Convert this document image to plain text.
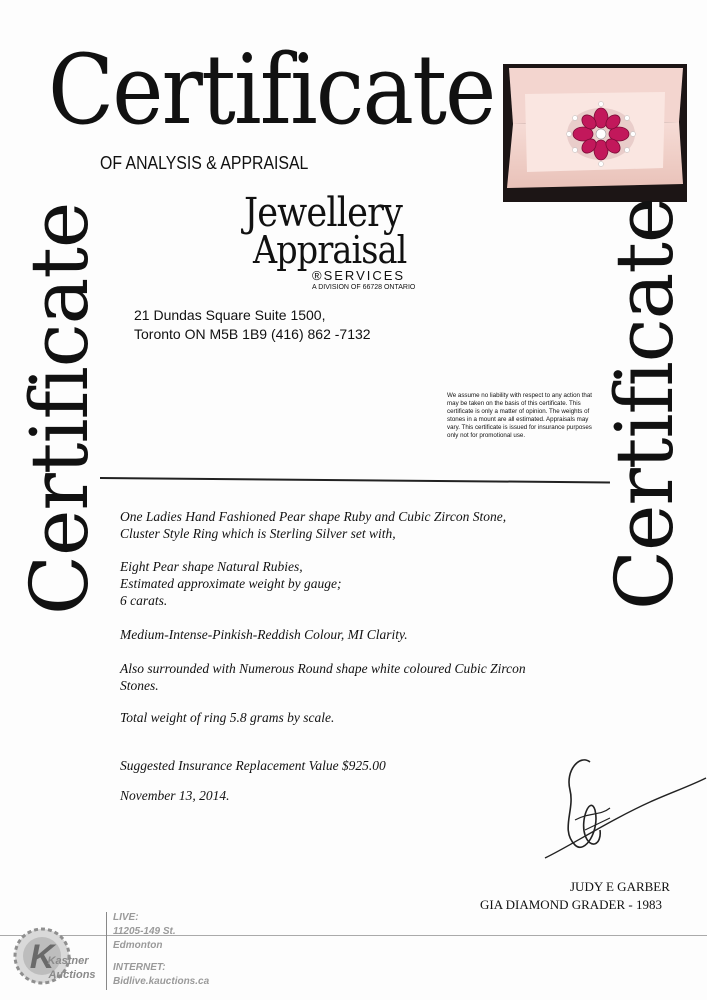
Certificate
OF ANALYSIS & APPRAISAL
Jewellery
Appraisal
®SERVICES
A DIVISION OF 66728 ONTARIO
21 Dundas Square Suite 1500,
Toronto ON M5B 1B9 (416) 862 -7132
We assume no liability with respect to any action that may be taken on the basis of this certificate. This certificate is only a matter of opinion. The weights of stones in a mount are all estimated. Appraisals may vary. This certificate is issued for insurance purposes only not for promotional use.
Certificate	Certificate
One Ladies Hand Fashioned Pear shape Ruby and Cubic Zircon Stone,
Cluster Style Ring which is Sterling Silver set with,
Eight Pear shape Natural Rubies,
Estimated approximate weight by gauge;
6 carats.
Medium-Intense-Pinkish-Reddish Colour, MI Clarity.
Also surrounded with Numerous Round shape white coloured Cubic Zircon
Stones.
Total weight of ring 5.8 grams by scale.
Suggested Insurance Replacement Value $925.00
November 13, 2014.
JUDY E GARBER
GIA DIAMOND GRADER - 1983
K
Kastner
Auctions
LIVE:
11205-149 St.
Edmonton
INTERNET:
Bidlive.kauctions.ca
